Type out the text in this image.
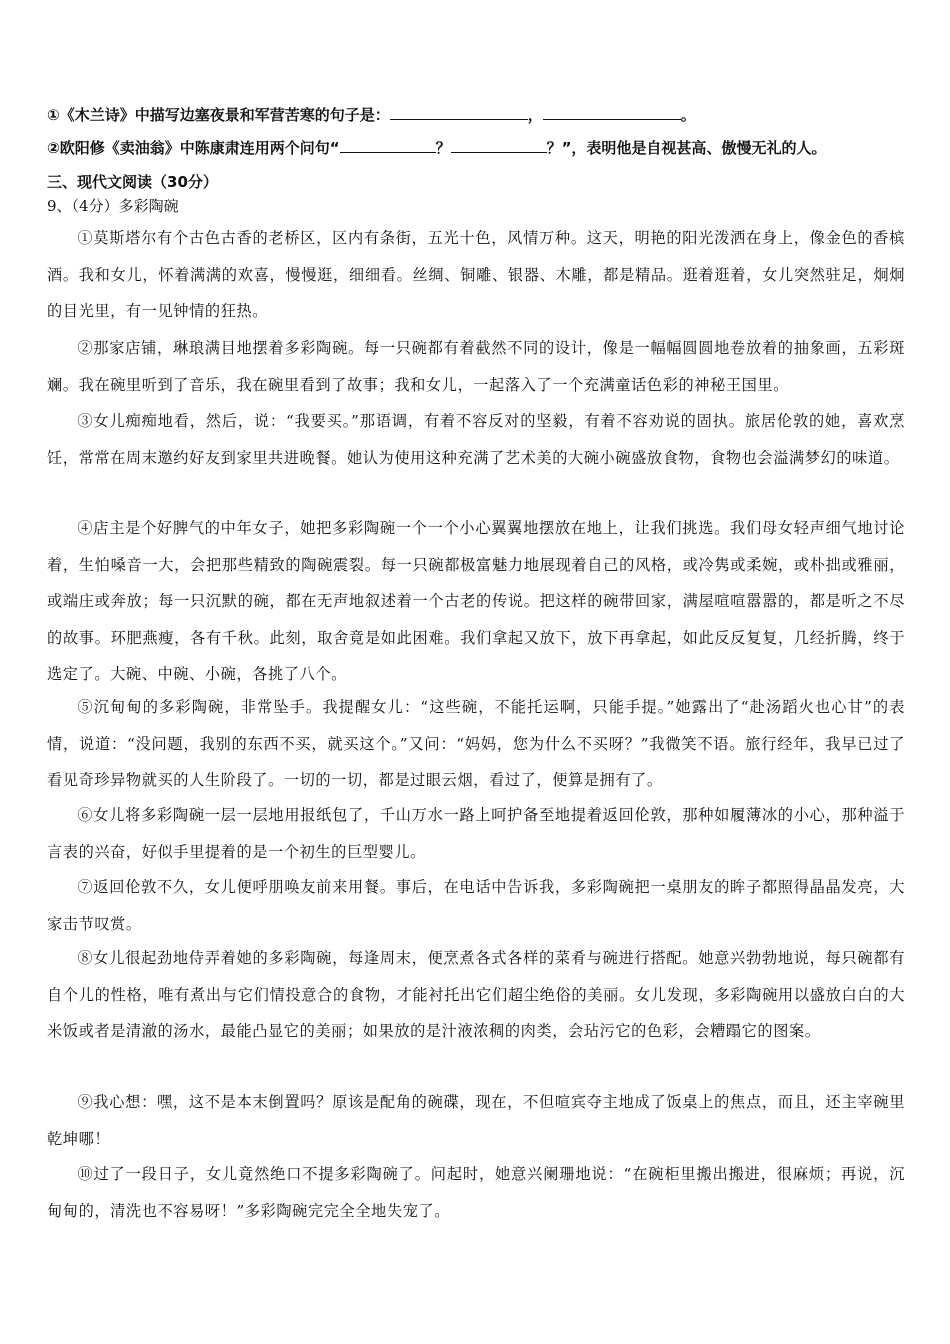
①《木兰诗》中描写边塞夜景和军营苦寒的句子是：	，	。
②欧阳修《卖油翁》中陈康肃连用两个问句“	？	？”，表明他是自视甚高、傲慢无礼的人。
三、现代文阅读（30分）
9、（4分）多彩陶碗
①莫斯塔尔有个古色古香的老桥区，区内有条街，五光十色，风情万种。这天，明艳的阳光泼洒在身上，像金色的香槟酒。我和女儿，怀着满满的欢喜，慢慢逛，细细看。丝绸、铜雕、银器、木雕，都是精品。逛着逛着，女儿突然驻足，炯炯的目光里，有一见钟情的狂热。
②那家店铺，琳琅满目地摆着多彩陶碗。每一只碗都有着截然不同的设计，像是一幅幅圆圆地卷放着的抽象画，五彩斑斓。我在碗里听到了音乐，我在碗里看到了故事；我和女儿，一起落入了一个充满童话色彩的神秘王国里。
③女儿痴痴地看，然后，说：“我要买。”那语调，有着不容反对的坚毅，有着不容劝说的固执。旅居伦敦的她，喜欢烹饪，常常在周末邀约好友到家里共进晚餐。她认为使用这种充满了艺术美的大碗小碗盛放食物，食物也会溢满梦幻的味道。
④店主是个好脾气的中年女子，她把多彩陶碗一个一个小心翼翼地摆放在地上，让我们挑选。我们母女轻声细气地讨论着，生怕嗓音一大，会把那些精致的陶碗震裂。每一只碗都极富魅力地展现着自己的风格，或冷隽或柔婉，或朴拙或雅丽，或端庄或奔放；每一只沉默的碗，都在无声地叙述着一个古老的传说。把这样的碗带回家，满屋喧喧嚣嚣的，都是听之不尽的故事。环肥燕瘦，各有千秋。此刻，取舍竟是如此困难。我们拿起又放下，放下再拿起，如此反反复复，几经折腾，终于选定了。大碗、中碗、小碗，各挑了八个。
⑤沉甸甸的多彩陶碗，非常坠手。我提醒女儿：“这些碗，不能托运啊，只能手提。”她露出了“赴汤蹈火也心甘”的表情，说道：“没问题，我别的东西不买，就买这个。”又问：“妈妈，您为什么不买呀？”我微笑不语。旅行经年，我早已过了看见奇珍异物就买的人生阶段了。一切的一切，都是过眼云烟，看过了，便算是拥有了。
⑥女儿将多彩陶碗一层一层地用报纸包了，千山万水一路上呵护备至地提着返回伦敦，那种如履薄冰的小心，那种溢于言表的兴奋，好似手里提着的是一个初生的巨型婴儿。
⑦返回伦敦不久，女儿便呼朋唤友前来用餐。事后，在电话中告诉我，多彩陶碗把一桌朋友的眸子都照得晶晶发亮，大家击节叹赏。
⑧女儿很起劲地侍弄着她的多彩陶碗，每逢周末，便烹煮各式各样的菜肴与碗进行搭配。她意兴勃勃地说，每只碗都有自个儿的性格，唯有煮出与它们情投意合的食物，才能衬托出它们超尘绝俗的美丽。女儿发现，多彩陶碗用以盛放白白的大米饭或者是清澈的汤水，最能凸显它的美丽；如果放的是汁液浓稠的肉类，会玷污它的色彩，会糟蹋它的图案。
⑨我心想：嘿，这不是本末倒置吗？原该是配角的碗碟，现在，不但喧宾夺主地成了饭桌上的焦点，而且，还主宰碗里乾坤哪！
⑩过了一段日子，女儿竟然绝口不提多彩陶碗了。问起时，她意兴阑珊地说：“在碗柜里搬出搬进，很麻烦；再说，沉甸甸的，清洗也不容易呀！”多彩陶碗完完全全地失宠了。
